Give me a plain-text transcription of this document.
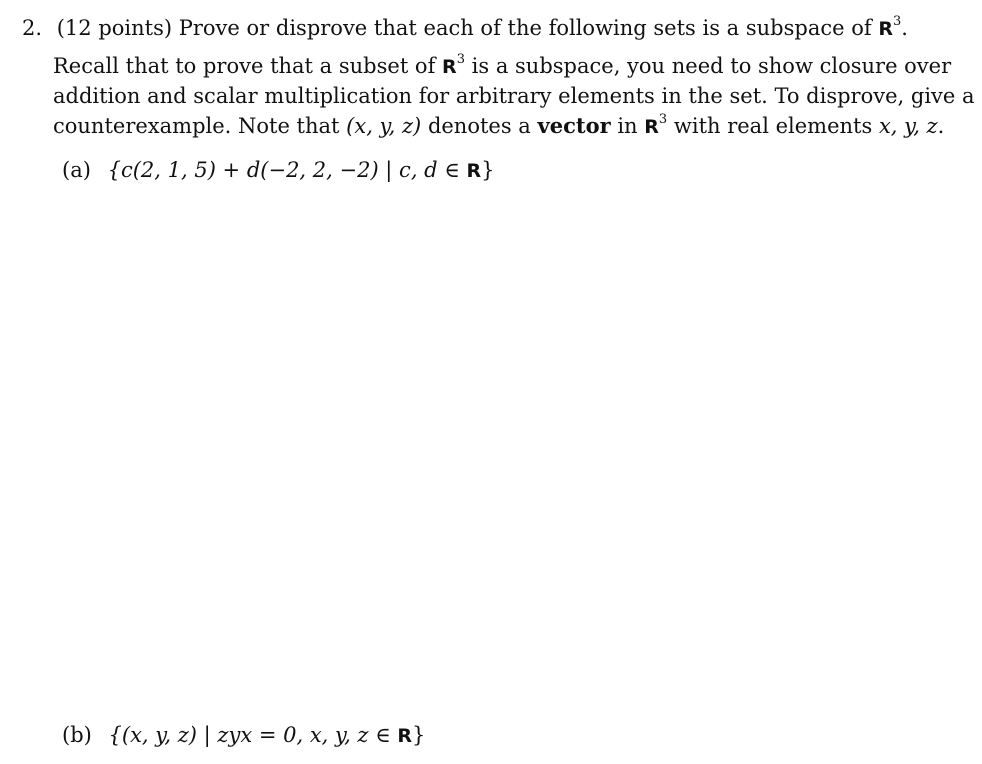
2. (12 points) Prove or disprove that each of the following sets is a subspace of $R^3$.

Recall that to prove that a subset of $R^3$ is a subspace, you need to show closure over

addition and scalar multiplication for arbitrary elements in the set. To disprove, give a

counterexample. Note that (x, y, z) denotes a vector in $R^3$ with real elements x, y, z.

(a) {c(2, 1, 5) + d(−2, 2, −2) | c, d ∈ R}
(b) {(x, y, z) | zyx = 0, x, y, z ∈ R}
